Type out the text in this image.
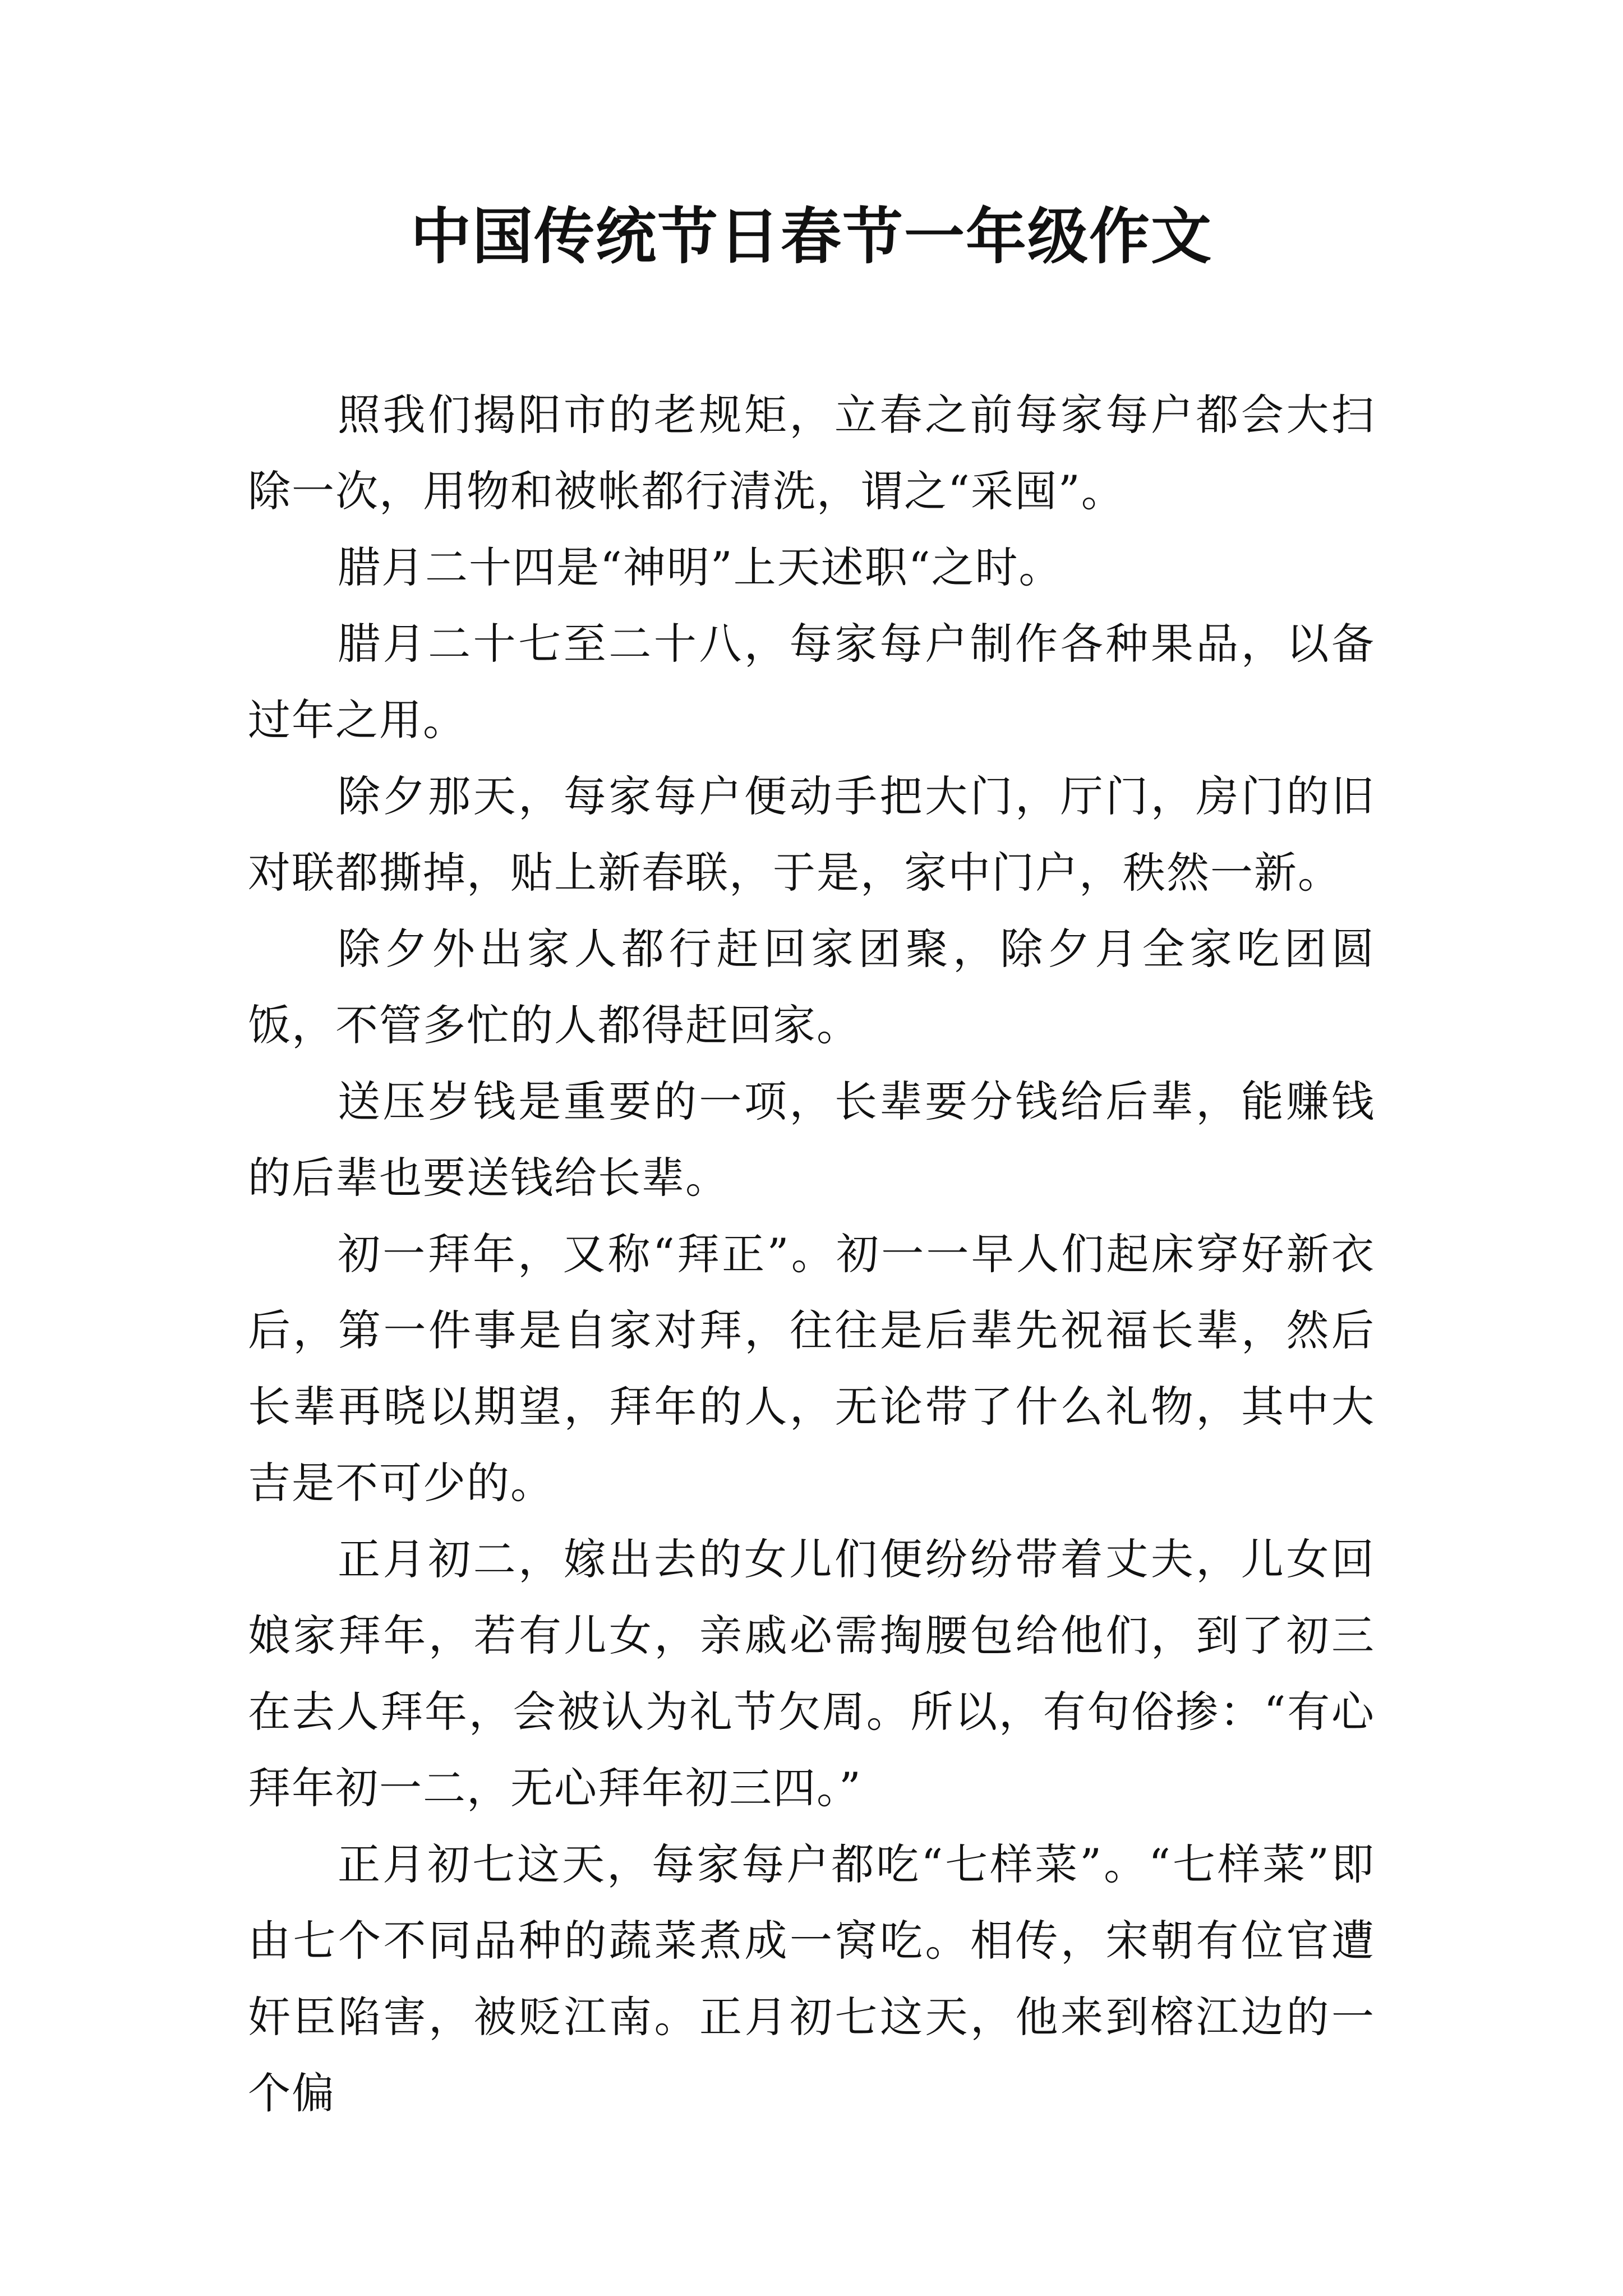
中国传统节日春节一年级作文

照我们揭阳市的老规矩，立春之前每家每户都会大扫除一次，用物和被帐都行清洗，谓之“采囤”。

腊月二十四是“神明”上天述职“之时。

腊月二十七至二十八，每家每户制作各种果品，以备过年之用。

除夕那天，每家每户便动手把大门，厅门，房门的旧对联都撕掉，贴上新春联，于是，家中门户，秩然一新。

除夕外出家人都行赶回家团聚，除夕月全家吃团圆饭，不管多忙的人都得赶回家。

送压岁钱是重要的一项，长辈要分钱给后辈，能赚钱的后辈也要送钱给长辈。

初一拜年，又称“拜正”。初一一早人们起床穿好新衣后，第一件事是自家对拜，往往是后辈先祝福长辈，然后长辈再晓以期望，拜年的人，无论带了什么礼物，其中大吉是不可少的。

正月初二，嫁出去的女儿们便纷纷带着丈夫，儿女回娘家拜年，若有儿女，亲戚必需掏腰包给他们，到了初三在去人拜年，会被认为礼节欠周。所以，有句俗掺：“有心拜年初一二，无心拜年初三四。”

正月初七这天，每家每户都吃“七样菜”。“七样菜”即由七个不同品种的蔬菜煮成一窝吃。相传，宋朝有位官遭奸臣陷害，被贬江南。正月初七这天，他来到榕江边的一个偏
